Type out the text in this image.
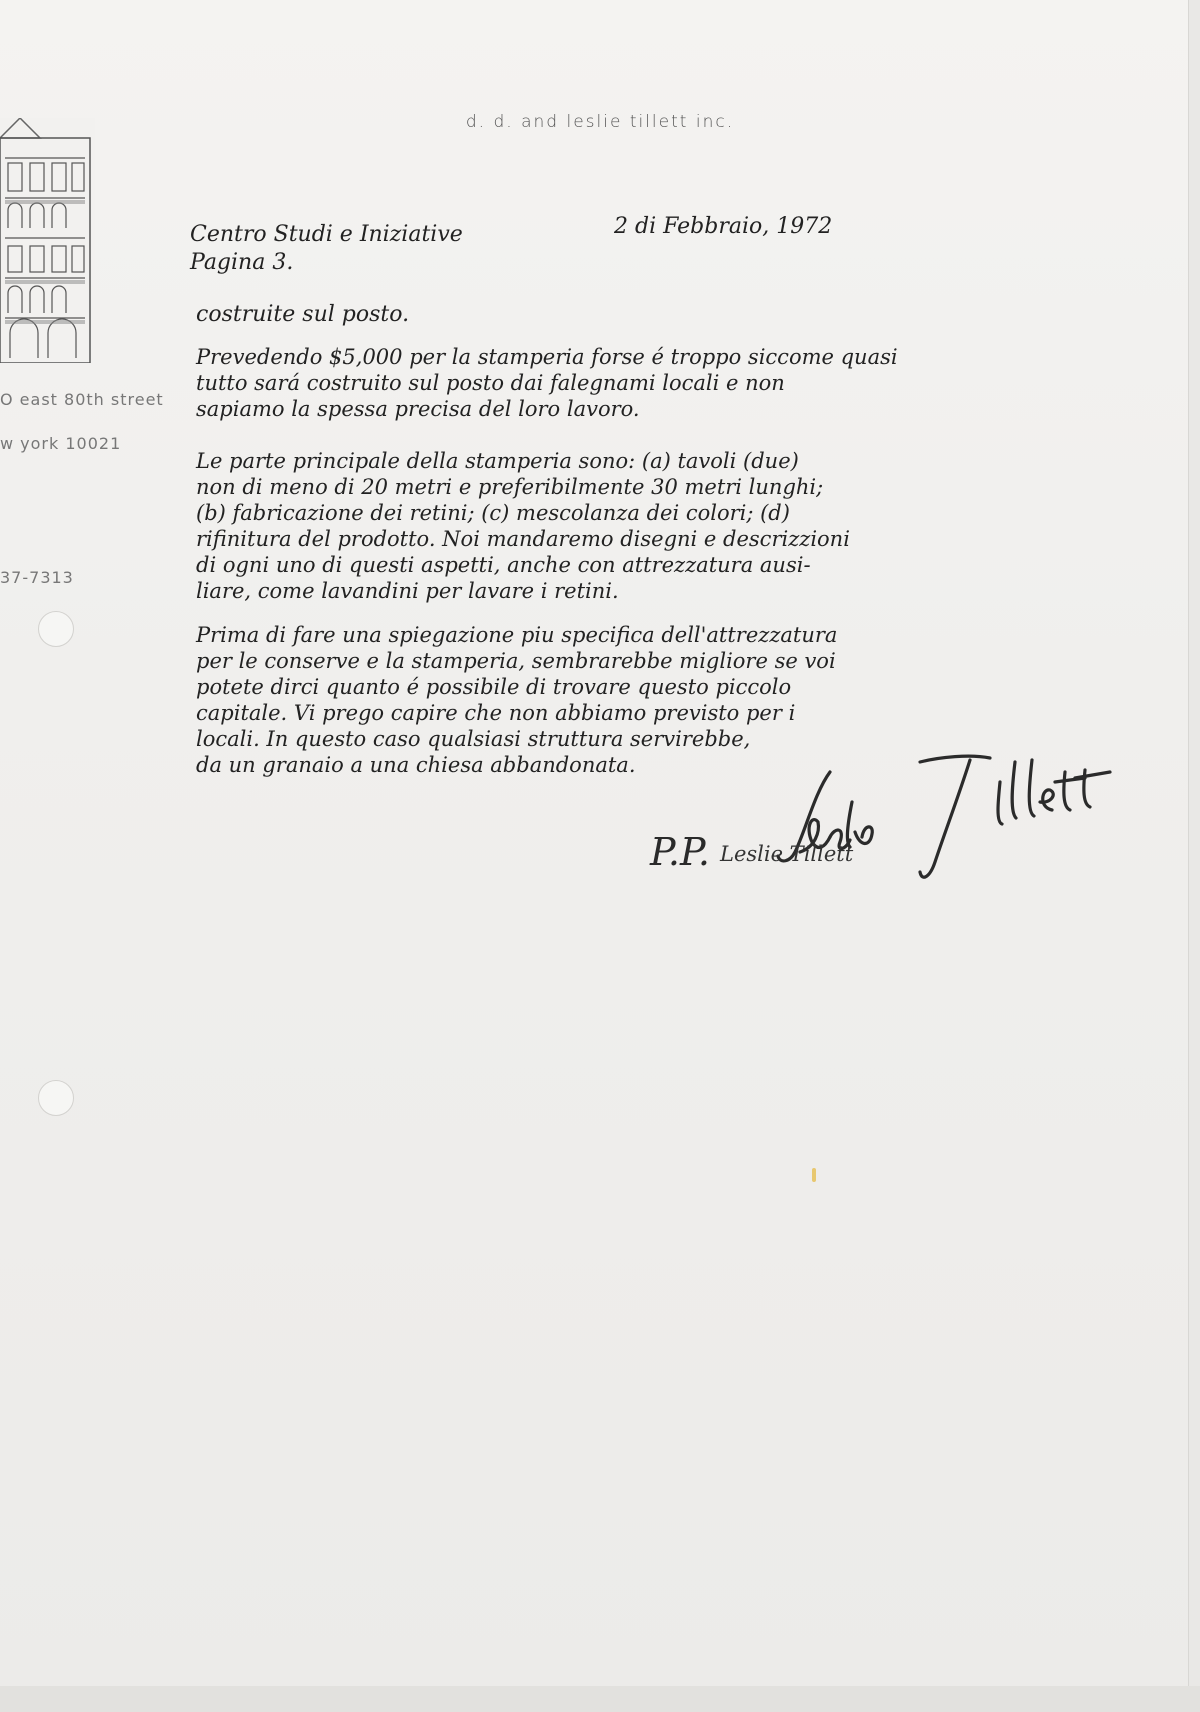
d. d. and leslie tillett inc.
O east 80th street
w york 10021
37-7313
Centro Studi e Iniziative	2 di Febbraio, 1972
Pagina 3.
costruite sul posto.
Prevedendo $5,000 per la stamperia forse é troppo siccome quasi
tutto sará costruito sul posto dai falegnami locali e non
sapiamo la spessa precisa del loro lavoro.
Le parte principale della stamperia sono: (a) tavoli (due)
non di meno di 20 metri e preferibilmente 30 metri lunghi;
(b) fabricazione dei retini; (c) mescolanza dei colori; (d)
rifinitura del prodotto. Noi mandaremo disegni e descrizzioni
di ogni uno di questi aspetti, anche con attrezzatura ausi-
liare, come lavandini per lavare i retini.
Prima di fare una spiegazione piu specifica dell'attrezzatura
per le conserve e la stamperia, sembrarebbe migliore se voi
potete dirci quanto é possibile di trovare questo piccolo
capitale. Vi prego capire che non abbiamo previsto per i
locali. In questo caso qualsiasi struttura servirebbe,
da un granaio a una chiesa abbandonata.
P.P. Leslie Tillett
